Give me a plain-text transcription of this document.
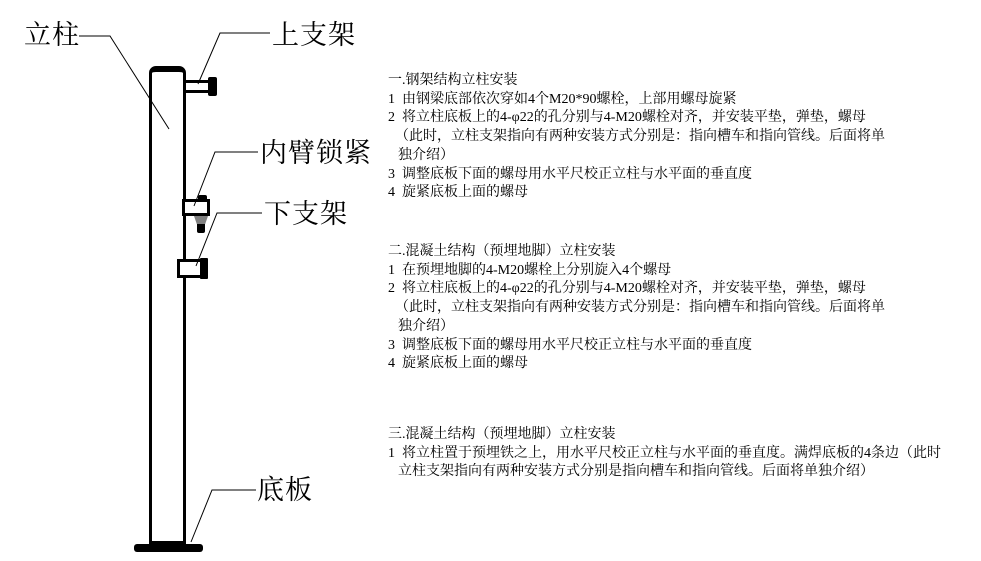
立柱	上支架
内臂锁紧
下支架
底板
一.钢架结构立柱安装
1  由钢梁底部依次穿如4个M20*90螺栓，上部用螺母旋紧
2  将立柱底板上的4-φ22的孔分别与4-M20螺栓对齐，并安装平垫，弹垫，螺母
（此时，立柱支架指向有两种安装方式分别是：指向槽车和指向管线。后面将单
独介绍）
3  调整底板下面的螺母用水平尺校正立柱与水平面的垂直度
4  旋紧底板上面的螺母
二.混凝土结构（预埋地脚）立柱安装
1  在预埋地脚的4-M20螺栓上分别旋入4个螺母
2  将立柱底板上的4-φ22的孔分别与4-M20螺栓对齐，并安装平垫，弹垫，螺母
（此时，立柱支架指向有两种安装方式分别是：指向槽车和指向管线。后面将单
独介绍）
3  调整底板下面的螺母用水平尺校正立柱与水平面的垂直度
4  旋紧底板上面的螺母
三.混凝土结构（预埋地脚）立柱安装
1  将立柱置于预埋铁之上，用水平尺校正立柱与水平面的垂直度。满焊底板的4条边（此时
立柱支架指向有两种安装方式分别是指向槽车和指向管线。后面将单独介绍）
